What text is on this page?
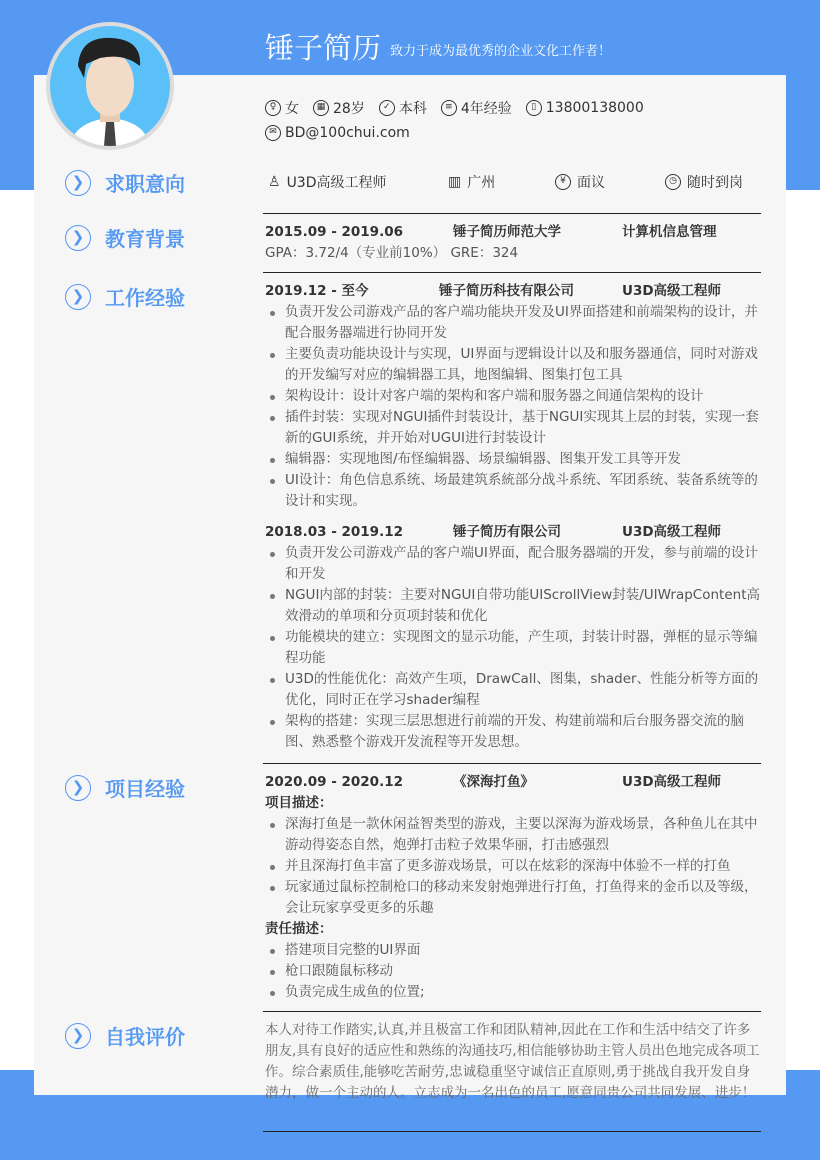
锤子简历 致力于成为最优秀的企业文化工作者！
♀ 女	▦ 28岁	✓ 本科	≡ 4年经验	▯ 13800138000
✉ BD@100chui.com
❯	求职意向	♙ U3D高级工程师	▥ 广州	¥ 面议	◷ 随时到岗
❯	教育背景	2015.09 - 2019.06	锤子简历师范大学	计算机信息管理
GPA：3.72/4（专业前10%） GRE：324
❯	工作经验	2019.12 - 至今	锤子简历科技有限公司	U3D高级工程师
负责开发公司游戏产品的客户端功能块开发及UI界面搭建和前端架构的设计，并配合服务器端进行协同开发
主要负责功能块设计与实现，UI界面与逻辑设计以及和服务器通信，同时对游戏的开发编写对应的编辑器工具，地图编辑、图集打包工具
架构设计：设计对客户端的架构和客户端和服务器之间通信架构的设计
插件封装：实现对NGUI插件封装设计，基于NGUI实现其上层的封装，实现一套新的GUI系统，并开始对UGUI进行封装设计
编辑器：实现地图/布怪编辑器、场景编辑器、图集开发工具等开发
UI设计：角色信息系统、场最建筑系統部分战斗系统、军团系统、装备系统等的设计和实现。
2018.03 - 2019.12	锤子简历有限公司	U3D高级工程师
负责开发公司游戏产品的客户端UI界面，配合服务器端的开发，参与前端的设计和开发
NGUI内部的封装：主要对NGUI自带功能UIScrollView封装/UIWrapContent高效滑动的单项和分页项封装和优化
功能模块的建立：实现图文的显示功能，产生项，封装计时器，弹框的显示等编程功能
U3D的性能优化：高效产生项，DrawCall、图集，shader、性能分析等方面的优化，同时正在学习shader编程
架构的搭建：实现三层思想进行前端的开发、构建前端和后台服务器交流的脑图、熟悉整个游戏开发流程等开发思想。
❯	项目经验	2020.09 - 2020.12	《深海打鱼》	U3D高级工程师
项目描述：
深海打鱼是一款休闲益智类型的游戏，主要以深海为游戏场景，各种鱼儿在其中游动得姿态自然，炮弹打击粒子效果华丽，打击感强烈
并且深海打鱼丰富了更多游戏场景，可以在炫彩的深海中体验不一样的打鱼
玩家通过鼠标控制枪口的移动来发射炮弹进行打鱼，打鱼得来的金币以及等级，会让玩家享受更多的乐趣
责任描述：
搭建项目完整的UI界面
枪口跟随鼠标移动
负责完成生成鱼的位置;
❯	自我评价	本人对待工作踏实,认真,并且极富工作和团队精神,因此在工作和生活中结交了许多朋友,具有良好的适应性和熟练的沟通技巧,相信能够协助主管人员出色地完成各项工作。综合素质佳,能够吃苦耐劳,忠诚稳重坚守诚信正直原则,勇于挑战自我开发自身潜力，做一个主动的人。立志成为一名出色的员工,愿意同贵公司共同发展、进步！
